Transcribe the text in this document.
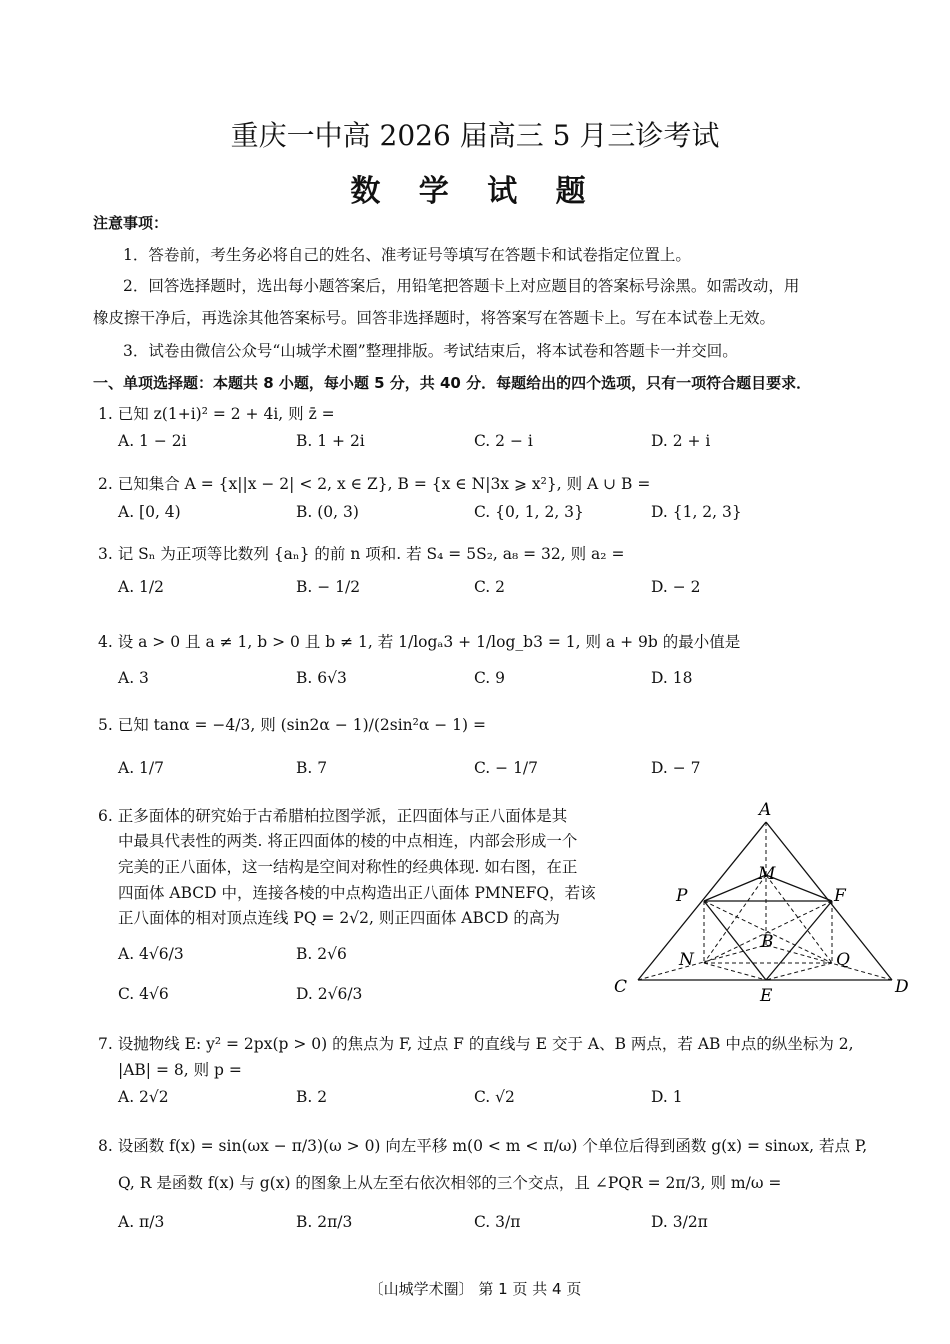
重庆一中高 2026 届高三 5 月三诊考试
数 学 试 题
注意事项：
1．答卷前，考生务必将自己的姓名、准考证号等填写在答题卡和试卷指定位置上。
2．回答选择题时，选出每小题答案后，用铅笔把答题卡上对应题目的答案标号涂黑。如需改动，用
橡皮擦干净后，再选涂其他答案标号。回答非选择题时，将答案写在答题卡上。写在本试卷上无效。
3．试卷由微信公众号“山城学术圈”整理排版。考试结束后，将本试卷和答题卡一并交回。
一、单项选择题：本题共 8 小题，每小题 5 分，共 40 分．每题给出的四个选项，只有一项符合题目要求．
1. 已知 z(1+i)² = 2 + 4i, 则 z̄ =
A. 1 − 2i	B. 1 + 2i	C. 2 − i	D. 2 + i
2. 已知集合 A = {x||x − 2| < 2, x ∈ Z}, B = {x ∈ N|3x ⩾ x²}, 则 A ∪ B =
A. [0, 4)	B. (0, 3)	C. {0, 1, 2, 3}	D. {1, 2, 3}
3. 记 Sₙ 为正项等比数列 {aₙ} 的前 n 项和. 若 S₄ = 5S₂, a₈ = 32, 则 a₂ =
A. 1/2	B. − 1/2	C. 2	D. − 2
4. 设 a > 0 且 a ≠ 1, b > 0 且 b ≠ 1, 若 1/logₐ3 + 1/log_b3 = 1, 则 a + 9b 的最小值是
A. 3	B. 6√3	C. 9	D. 18
5. 已知 tanα = −4/3, 则 (sin2α − 1)/(2sin²α − 1) =
A. 1/7	B. 7	C. − 1/7	D. − 7
6. 正多面体的研究始于古希腊柏拉图学派，正四面体与正八面体是其
中最具代表性的两类. 将正四面体的棱的中点相连，内部会形成一个
完美的正八面体，这一结构是空间对称性的经典体现. 如右图，在正
四面体 ABCD 中，连接各棱的中点构造出正八面体 PMNEFQ，若该
正八面体的相对顶点连线 PQ = 2√2, 则正四面体 ABCD 的高为
A. 4√6/3	B. 2√6
C. 4√6	D. 2√6/3
A
M
P	F
B
N	Q
C	E	D
7. 设抛物线 E: y² = 2px(p > 0) 的焦点为 F, 过点 F 的直线与 E 交于 A、B 两点，若 AB 中点的纵坐标为 2,
|AB| = 8, 则 p =
A. 2√2	B. 2	C. √2	D. 1
8. 设函数 f(x) = sin(ωx − π/3)(ω > 0) 向左平移 m(0 < m < π/ω) 个单位后得到函数 g(x) = sinωx, 若点 P,
Q, R 是函数 f(x) 与 g(x) 的图象上从左至右依次相邻的三个交点，且 ∠PQR = 2π/3, 则 m/ω =
A. π/3	B. 2π/3	C. 3/π	D. 3/2π
〔山城学术圈〕 第 1 页 共 4 页
